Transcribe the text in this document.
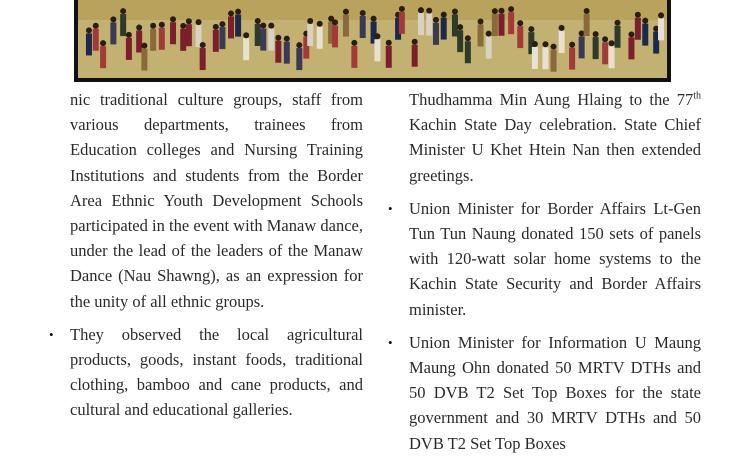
nic traditional culture groups, staff from various departments, trainees from Education colleges and Nursing Training Institutions and students from the Border Area Ethnic Youth Development Schools participated in the event with Manaw dance, under the lead of the leaders of the Manaw Dance (Nau Shawng), as an expression for the unity of all ethnic groups.

• They observed the local agricultural products, goods, instant foods, traditional clothing, bamboo and cane products, and cultural and educational galleries.

Thudhamma Min Aung Hlaing to the 77th Kachin State Day celebration. State Chief Minister U Khet Htein Nan then extended greetings.

• Union Minister for Border Affairs Lt-Gen Tun Tun Naung donated 150 sets of panels with 120-watt solar home systems to the Kachin State Security and Border Affairs minister.

• Union Minister for Information U Maung Maung Ohn donated 50 MRTV DTHs and 50 DVB T2 Set Top Boxes for the state government and 30 MRTV DTHs and 50 DVB T2 Set Top Boxes
